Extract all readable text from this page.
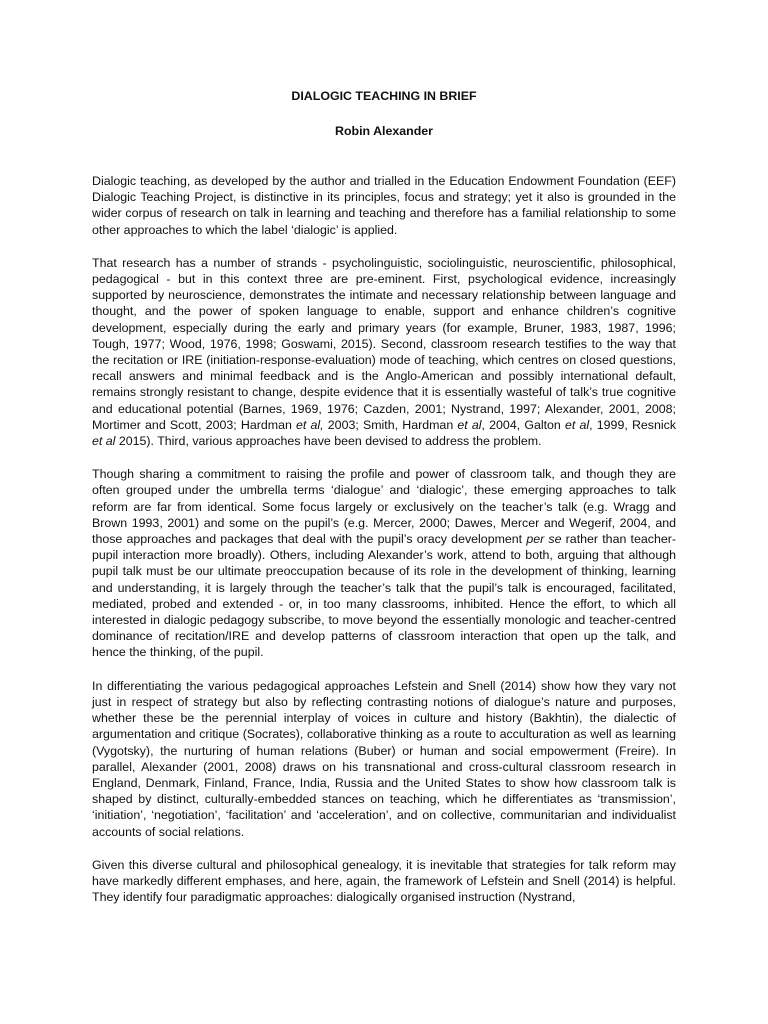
DIALOGIC TEACHING IN BRIEF
Robin Alexander

Dialogic teaching, as developed by the author and trialled in the Education Endowment Foundation (EEF) Dialogic Teaching Project, is distinctive in its principles, focus and strategy; yet it also is grounded in the wider corpus of research on talk in learning and teaching and therefore has a familial relationship to some other approaches to which the label ‘dialogic’ is applied.

That research has a number of strands - psycholinguistic, sociolinguistic, neuroscientific, philosophical, pedagogical - but in this context three are pre-eminent. First, psychological evidence, increasingly supported by neuroscience, demonstrates the intimate and necessary relationship between language and thought, and the power of spoken language to enable, support and enhance children’s cognitive development, especially during the early and primary years (for example, Bruner, 1983, 1987, 1996; Tough, 1977; Wood, 1976, 1998; Goswami, 2015). Second, classroom research testifies to the way that the recitation or IRE (initiation-response-evaluation) mode of teaching, which centres on closed questions, recall answers and minimal feedback and is the Anglo-American and possibly international default, remains strongly resistant to change, despite evidence that it is essentially wasteful of talk’s true cognitive and educational potential (Barnes, 1969, 1976; Cazden, 2001; Nystrand, 1997; Alexander, 2001, 2008; Mortimer and Scott, 2003; Hardman et al, 2003; Smith, Hardman et al, 2004, Galton et al, 1999, Resnick et al 2015). Third, various approaches have been devised to address the problem.

Though sharing a commitment to raising the profile and power of classroom talk, and though they are often grouped under the umbrella terms ‘dialogue’ and ‘dialogic’, these emerging approaches to talk reform are far from identical. Some focus largely or exclusively on the teacher’s talk (e.g. Wragg and Brown 1993, 2001) and some on the pupil’s (e.g. Mercer, 2000; Dawes, Mercer and Wegerif, 2004, and those approaches and packages that deal with the pupil’s oracy development per se rather than teacher-pupil interaction more broadly). Others, including Alexander’s work, attend to both, arguing that although pupil talk must be our ultimate preoccupation because of its role in the development of thinking, learning and understanding, it is largely through the teacher’s talk that the pupil’s talk is encouraged, facilitated, mediated, probed and extended - or, in too many classrooms, inhibited. Hence the effort, to which all interested in dialogic pedagogy subscribe, to move beyond the essentially monologic and teacher-centred dominance of recitation/IRE and develop patterns of classroom interaction that open up the talk, and hence the thinking, of the pupil.

In differentiating the various pedagogical approaches Lefstein and Snell (2014) show how they vary not just in respect of strategy but also by reflecting contrasting notions of dialogue’s nature and purposes, whether these be the perennial interplay of voices in culture and history (Bakhtin), the dialectic of argumentation and critique (Socrates), collaborative thinking as a route to acculturation as well as learning (Vygotsky), the nurturing of human relations (Buber) or human and social empowerment (Freire). In parallel, Alexander (2001, 2008) draws on his transnational and cross-cultural classroom research in England, Denmark, Finland, France, India, Russia and the United States to show how classroom talk is shaped by distinct, culturally-embedded stances on teaching, which he differentiates as ‘transmission’, ‘initiation’, ‘negotiation’, ‘facilitation’ and ‘acceleration’, and on collective, communitarian and individualist accounts of social relations.

Given this diverse cultural and philosophical genealogy, it is inevitable that strategies for talk reform may have markedly different emphases, and here, again, the framework of Lefstein and Snell (2014) is helpful. They identify four paradigmatic approaches: dialogically organised instruction (Nystrand,
